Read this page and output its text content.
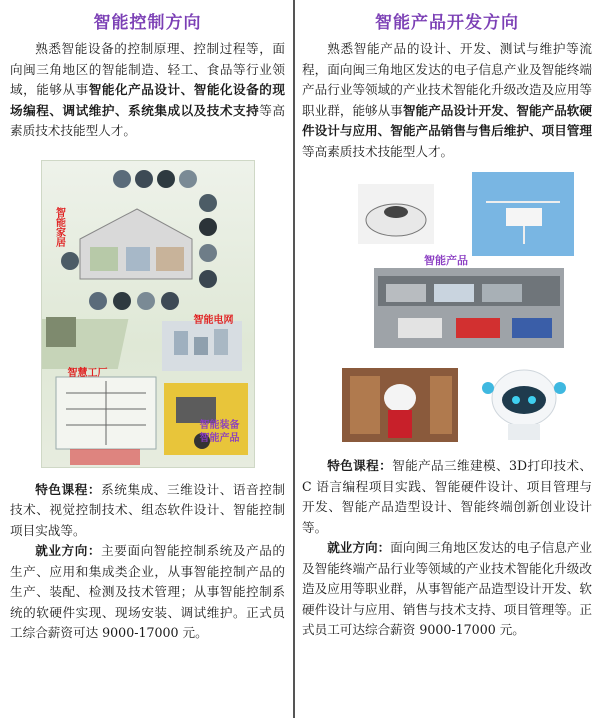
智能控制方向

熟悉智能设备的控制原理、控制过程等，面向闽三角地区的智能制造、轻工、食品等行业领域，能够从事智能化产品设计、智能化设备的现场编程、调试维护、系统集成以及技术支持等高素质技术技能型人才。

智能家居
智能电网
智慧工厂
智能装备
智能产品

特色课程：系统集成、三维设计、语音控制技术、视觉控制技术、组态软件设计、智能控制项目实战等。

就业方向：主要面向智能控制系统及产品的生产、应用和集成类企业，从事智能控制产品的生产、装配、检测及技术管理；从事智能控制系统的软硬件实现、现场安装、调试维护。正式员工综合薪资可达 9000-17000 元。

智能产品开发方向

熟悉智能产品的设计、开发、测试与维护等流程，面向闽三角地区发达的电子信息产业及智能终端产品行业等领域的产业技术智能化升级改造及应用等职业群，能够从事智能产品设计开发、智能产品软硬件设计与应用、智能产品销售与售后维护、项目管理等高素质技术技能型人才。

智能产品

特色课程：智能产品三维建模、3D打印技术、C 语言编程项目实践、智能硬件设计、项目管理与开发、智能产品造型设计、智能终端创新创业设计等。

就业方向：面向闽三角地区发达的电子信息产业及智能终端产品行业等领域的产业技术智能化升级改造及应用等职业群，从事智能产品造型设计开发、软硬件设计与应用、销售与技术支持、项目管理等。正式员工可达综合薪资 9000-17000 元。
